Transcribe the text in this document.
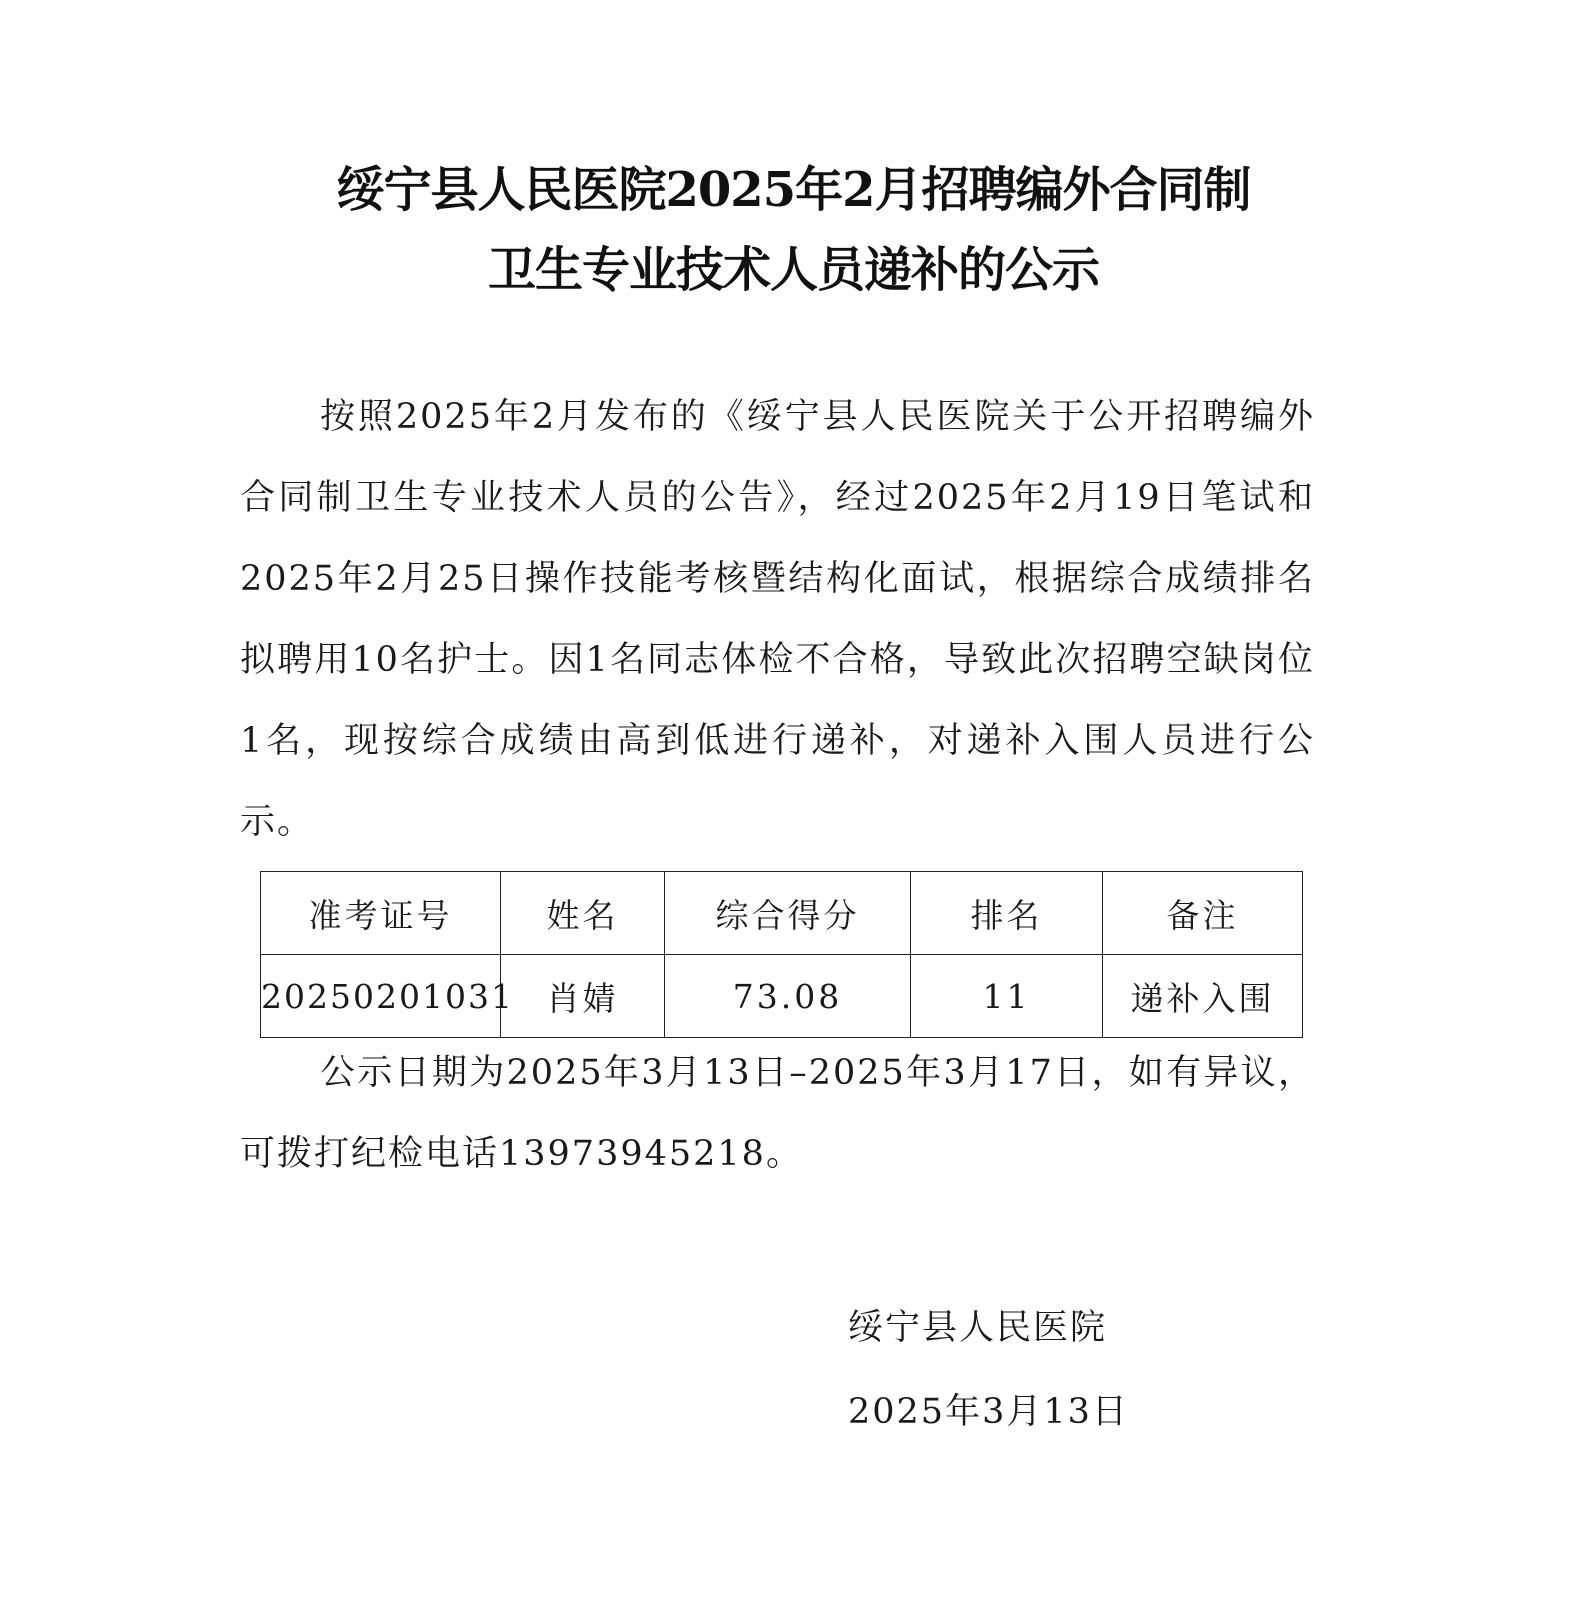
绥宁县人民医院2025年2月招聘编外合同制
卫生专业技术人员递补的公示

按照2025年2月发布的《绥宁县人民医院关于公开招聘编外合同制卫生专业技术人员的公告》，经过2025年2月19日笔试和2025年2月25日操作技能考核暨结构化面试，根据综合成绩排名拟聘用10名护士。因1名同志体检不合格，导致此次招聘空缺岗位1名，现按综合成绩由高到低进行递补，对递补入围人员进行公示。

准考证号	姓名	综合得分	排名	备注
20250201031	肖婧	73.08	11	递补入围

公示日期为2025年3月13日–2025年3月17日，如有异议，可拨打纪检电话13973945218。

绥宁县人民医院

2025年3月13日
